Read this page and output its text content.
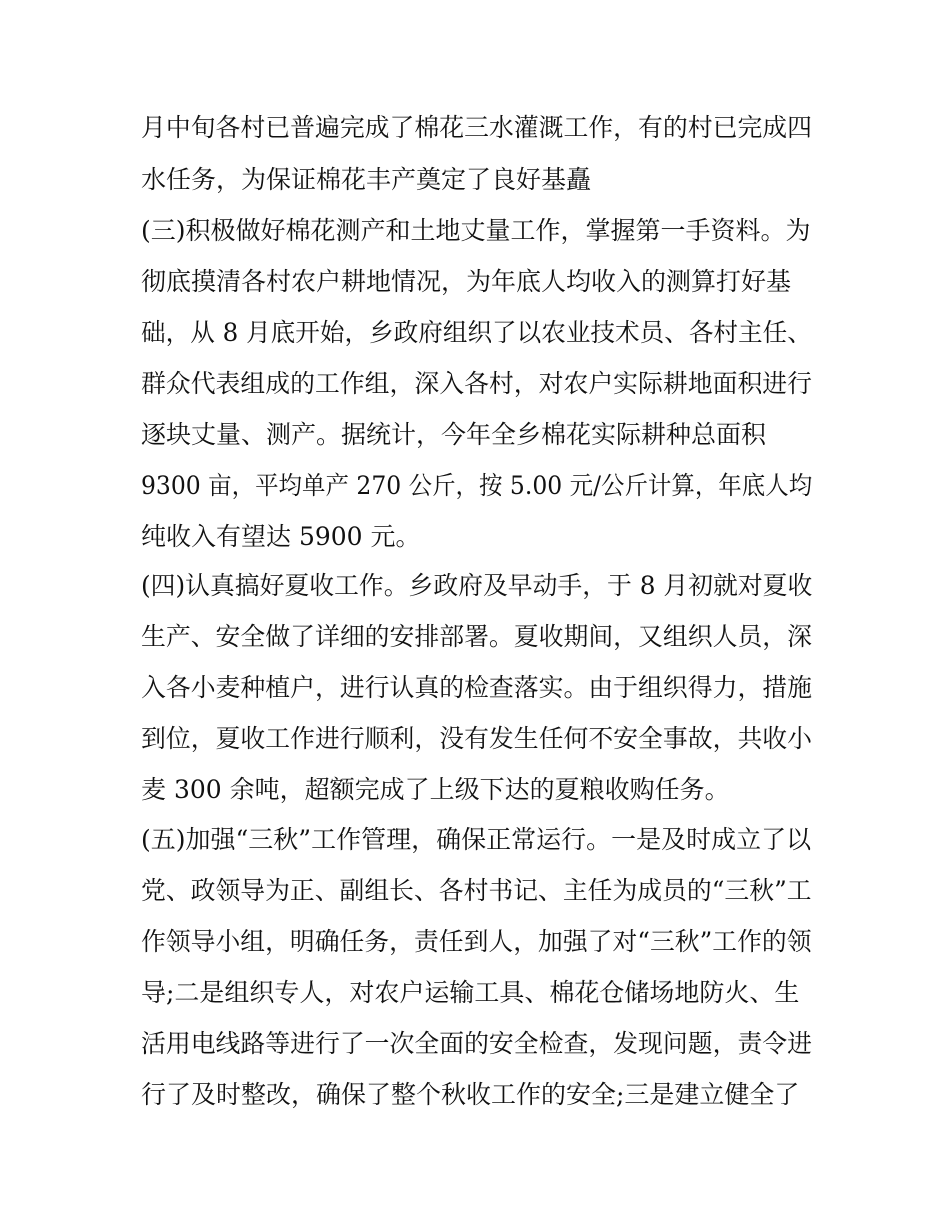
月中旬各村已普遍完成了棉花三水灌溉工作，有的村已完成四
水任务，为保证棉花丰产奠定了良好基矗
(三)积极做好棉花测产和土地丈量工作，掌握第一手资料。为
彻底摸清各村农户耕地情况，为年底人均收入的测算打好基
础，从 8 月底开始，乡政府组织了以农业技术员、各村主任、
群众代表组成的工作组，深入各村，对农户实际耕地面积进行
逐块丈量、测产。据统计，今年全乡棉花实际耕种总面积
9300 亩，平均单产 270 公斤，按 5.00 元/公斤计算，年底人均
纯收入有望达 5900 元。
(四)认真搞好夏收工作。乡政府及早动手，于 8 月初就对夏收
生产、安全做了详细的安排部署。夏收期间，又组织人员，深
入各小麦种植户，进行认真的检查落实。由于组织得力，措施
到位，夏收工作进行顺利，没有发生任何不安全事故，共收小
麦 300 余吨，超额完成了上级下达的夏粮收购任务。
(五)加强“三秋”工作管理，确保正常运行。一是及时成立了以
党、政领导为正、副组长、各村书记、主任为成员的“三秋”工
作领导小组，明确任务，责任到人，加强了对“三秋”工作的领
导;二是组织专人，对农户运输工具、棉花仓储场地防火、生
活用电线路等进行了一次全面的安全检查，发现问题，责令进
行了及时整改，确保了整个秋收工作的安全;三是建立健全了
